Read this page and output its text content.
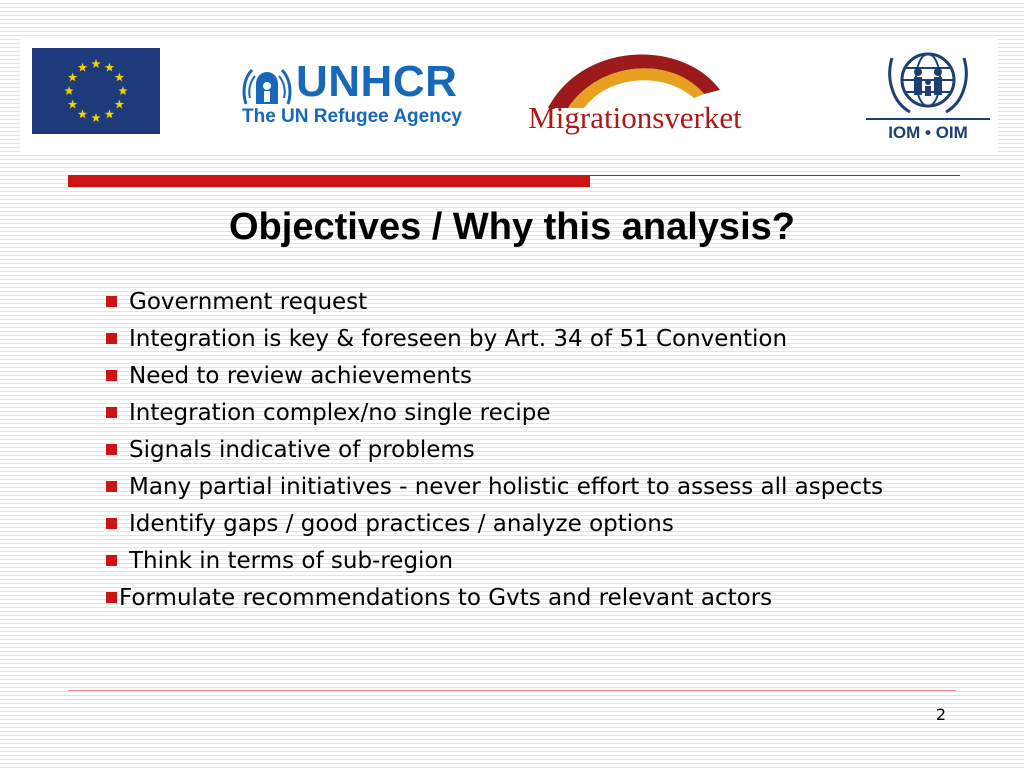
UNHCR
The UN Refugee Agency	Migrationsverket	IOM • OIM
Objectives / Why this analysis?
Government request
Integration is key & foreseen by Art. 34 of 51 Convention
Need to review achievements
Integration complex/no single recipe
Signals indicative of problems
Many partial initiatives - never holistic effort to assess all aspects
Identify gaps / good practices / analyze options
Think in terms of sub-region
Formulate recommendations to Gvts and relevant actors
2
